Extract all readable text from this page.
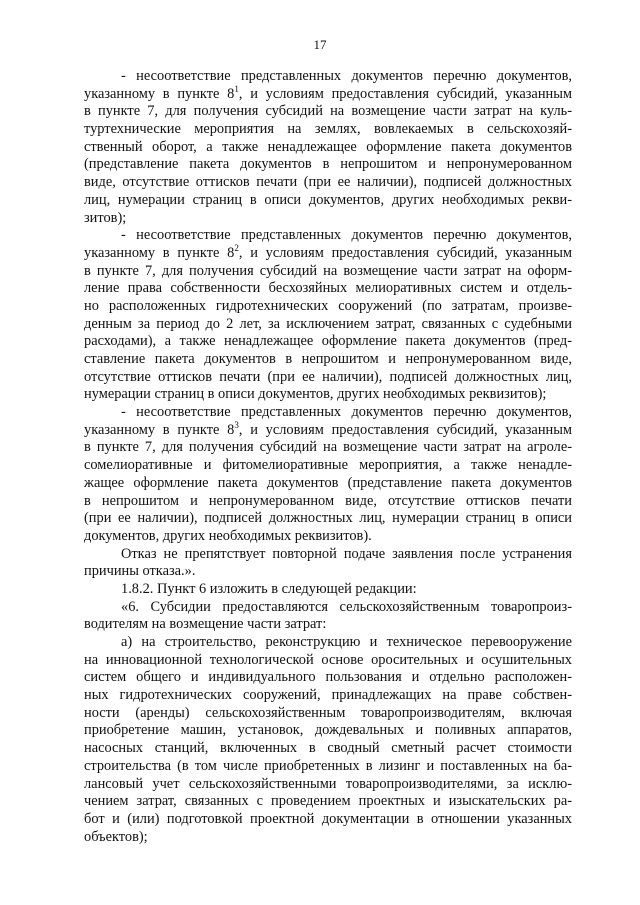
17
- несоответствие представленных документов перечню документов,
указанному в пункте $8^1$, и условиям предоставления субсидий, указанным
в пункте 7, для получения субсидий на возмещение части затрат на куль-
туртехнические мероприятия на землях, вовлекаемых в сельскохозяй-
ственный оборот, а также ненадлежащее оформление пакета документов
(представление пакета документов в непрошитом и непронумерованном
виде, отсутствие оттисков печати (при ее наличии), подписей должностных
лиц, нумерации страниц в описи документов, других необходимых рекви-
зитов);
- несоответствие представленных документов перечню документов,
указанному в пункте $8^2$, и условиям предоставления субсидий, указанным
в пункте 7, для получения субсидий на возмещение части затрат на оформ-
ление права собственности бесхозяйных мелиоративных систем и отдель-
но расположенных гидротехнических сооружений (по затратам, произве-
денным за период до 2 лет, за исключением затрат, связанных с судебными
расходами), а также ненадлежащее оформление пакета документов (пред-
ставление пакета документов в непрошитом и непронумерованном виде,
отсутствие оттисков печати (при ее наличии), подписей должностных лиц,
нумерации страниц в описи документов, других необходимых реквизитов);
- несоответствие представленных документов перечню документов,
указанному в пункте $8^3$, и условиям предоставления субсидий, указанным
в пункте 7, для получения субсидий на возмещение части затрат на агроле-
сомелиоративные и фитомелиоративные мероприятия, а также ненадле-
жащее оформление пакета документов (представление пакета документов
в непрошитом и непронумерованном виде, отсутствие оттисков печати
(при ее наличии), подписей должностных лиц, нумерации страниц в описи
документов, других необходимых реквизитов).
Отказ не препятствует повторной подаче заявления после устранения
причины отказа.».
1.8.2. Пункт 6 изложить в следующей редакции:
«6. Субсидии предоставляются сельскохозяйственным товаропроиз-
водителям на возмещение части затрат:
а) на строительство, реконструкцию и техническое перевооружение
на инновационной технологической основе оросительных и осушительных
систем общего и индивидуального пользования и отдельно расположен-
ных гидротехнических сооружений, принадлежащих на праве собствен-
ности (аренды) сельскохозяйственным товаропроизводителям, включая
приобретение машин, установок, дождевальных и поливных аппаратов,
насосных станций, включенных в сводный сметный расчет стоимости
строительства (в том числе приобретенных в лизинг и поставленных на ба-
лансовый учет сельскохозяйственными товаропроизводителями, за исклю-
чением затрат, связанных с проведением проектных и изыскательских ра-
бот и (или) подготовкой проектной документации в отношении указанных
объектов);
